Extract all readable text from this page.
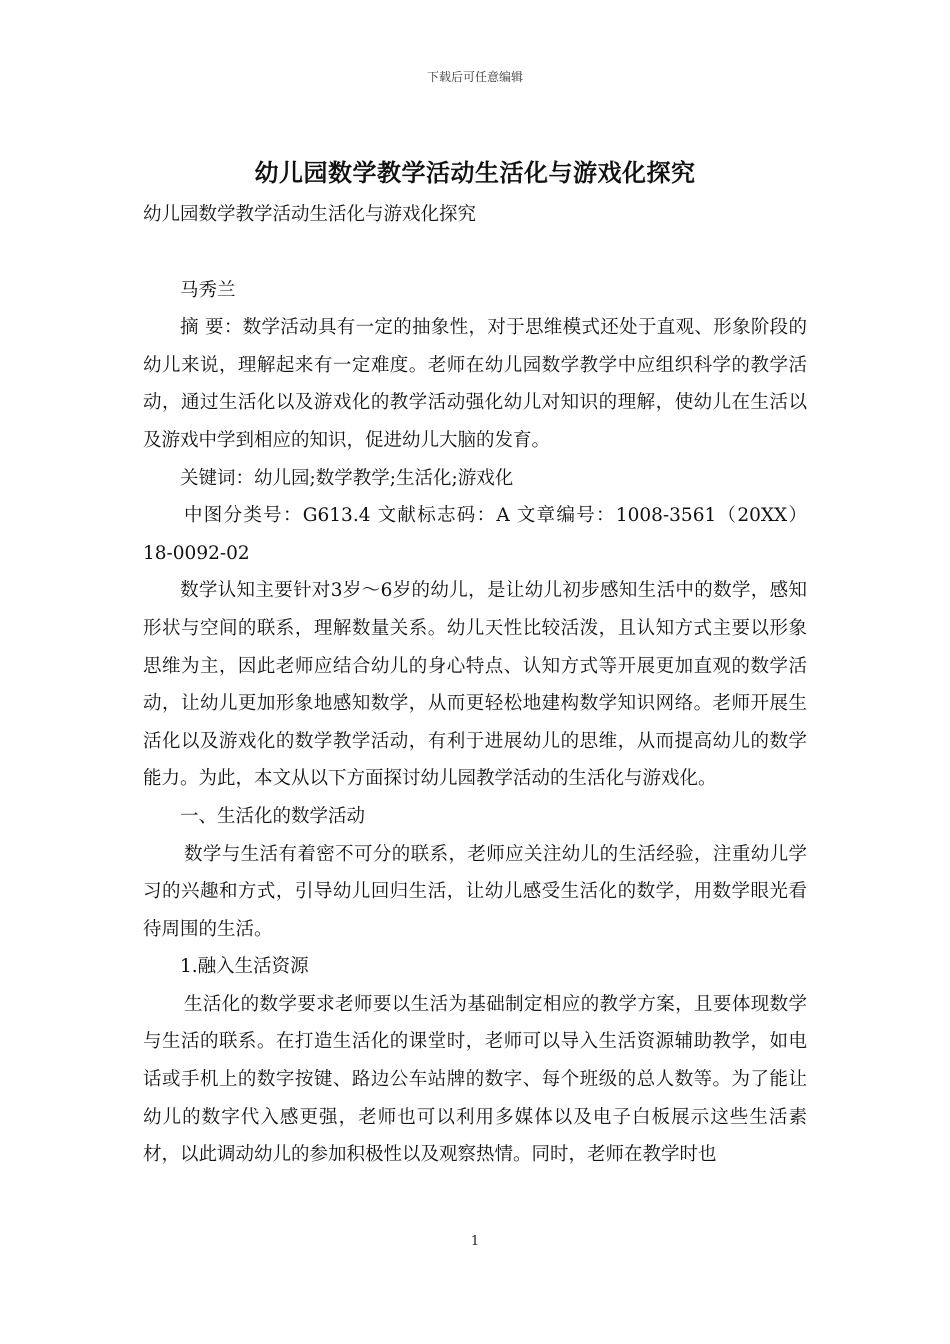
下载后可任意编辑
幼儿园数学教学活动生活化与游戏化探究

幼儿园数学教学活动生活化与游戏化探究

马秀兰

摘 要：数学活动具有一定的抽象性，对于思维模式还处于直观、形象阶段的幼儿来说，理解起来有一定难度。老师在幼儿园数学教学中应组织科学的教学活动，通过生活化以及游戏化的教学活动强化幼儿对知识的理解，使幼儿在生活以及游戏中学到相应的知识，促进幼儿大脑的发育。

关键词：幼儿园;数学教学;生活化;游戏化

中图分类号：G613.4 文献标志码：A 文章编号：1008-3561（20XX）18-0092-02

数学认知主要针对3岁～6岁的幼儿，是让幼儿初步感知生活中的数学，感知形状与空间的联系，理解数量关系。幼儿天性比较活泼，且认知方式主要以形象思维为主，因此老师应结合幼儿的身心特点、认知方式等开展更加直观的数学活动，让幼儿更加形象地感知数学，从而更轻松地建构数学知识网络。老师开展生活化以及游戏化的数学教学活动，有利于进展幼儿的思维，从而提高幼儿的数学能力。为此，本文从以下方面探讨幼儿园教学活动的生活化与游戏化。

一、生活化的数学活动

数学与生活有着密不可分的联系，老师应关注幼儿的生活经验，注重幼儿学习的兴趣和方式，引导幼儿回归生活，让幼儿感受生活化的数学，用数学眼光看待周围的生活。

1.融入生活资源

生活化的数学要求老师要以生活为基础制定相应的教学方案，且要体现数学与生活的联系。在打造生活化的课堂时，老师可以导入生活资源辅助教学，如电话或手机上的数字按键、路边公车站牌的数字、每个班级的总人数等。为了能让幼儿的数字代入感更强，老师也可以利用多媒体以及电子白板展示这些生活素材，以此调动幼儿的参加积极性以及观察热情。同时，老师在教学时也

1
